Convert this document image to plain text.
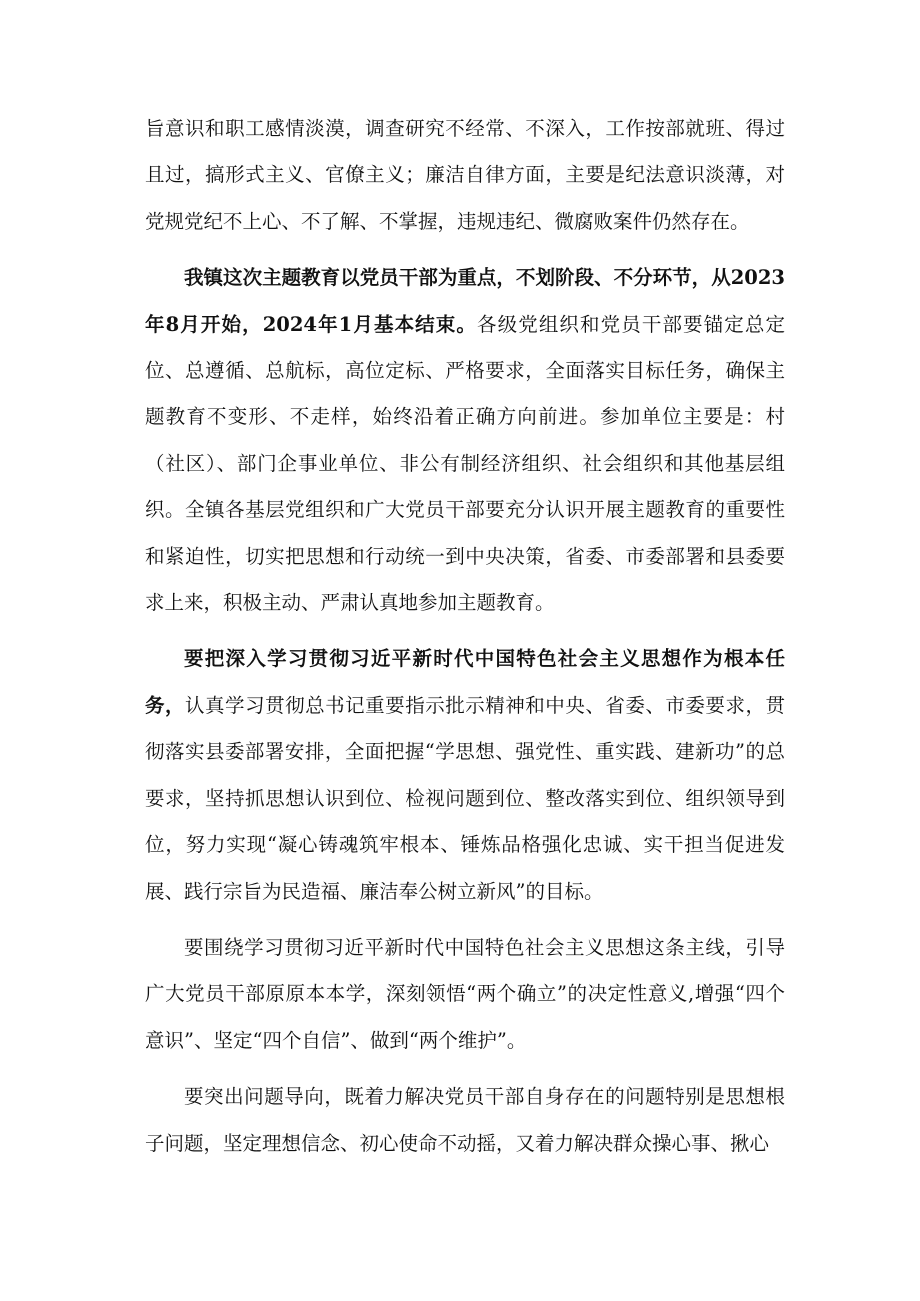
旨意识和职工感情淡漠，调查研究不经常、不深入，工作按部就班、得过且过，搞形式主义、官僚主义；廉洁自律方面，主要是纪法意识淡薄，对党规党纪不上心、不了解、不掌握，违规违纪、微腐败案件仍然存在。

我镇这次主题教育以党员干部为重点，不划阶段、不分环节，从2023年8月开始，2024年1月基本结束。各级党组织和党员干部要锚定总定位、总遵循、总航标，高位定标、严格要求，全面落实目标任务，确保主题教育不变形、不走样，始终沿着正确方向前进。参加单位主要是：村（社区）、部门企事业单位、非公有制经济组织、社会组织和其他基层组织。全镇各基层党组织和广大党员干部要充分认识开展主题教育的重要性和紧迫性，切实把思想和行动统一到中央决策，省委、市委部署和县委要求上来，积极主动、严肃认真地参加主题教育。

要把深入学习贯彻习近平新时代中国特色社会主义思想作为根本任务，认真学习贯彻总书记重要指示批示精神和中央、省委、市委要求，贯彻落实县委部署安排，全面把握“学思想、强党性、重实践、建新功”的总要求，坚持抓思想认识到位、检视问题到位、整改落实到位、组织领导到位，努力实现“凝心铸魂筑牢根本、锤炼品格强化忠诚、实干担当促进发展、践行宗旨为民造福、廉洁奉公树立新风”的目标。

要围绕学习贯彻习近平新时代中国特色社会主义思想这条主线，引导广大党员干部原原本本学，深刻领悟“两个确立”的决定性意义,增强“四个意识”、坚定“四个自信”、做到“两个维护”。

要突出问题导向，既着力解决党员干部自身存在的问题特别是思想根子问题，坚定理想信念、初心使命不动摇，又着力解决群众操心事、揪心
